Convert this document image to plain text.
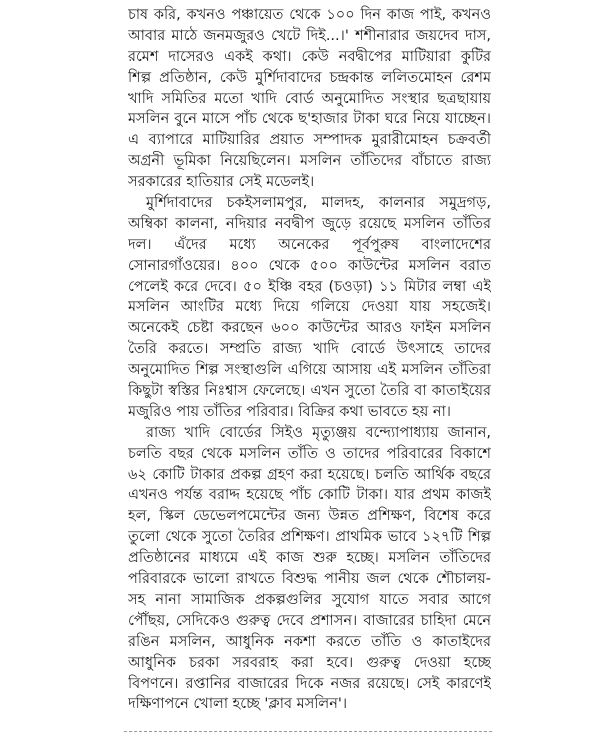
চাষ করি, কখনও পঞ্চায়েত থেকে ১০০ দিন কাজ পাই, কখনও
আবার মাঠে জনমজুরও খেটে দিই...।' শশীনারার জয়দেব দাস,
রমেশ দাসেরও একই কথা। কেউ নবদ্বীপের মাটিয়ারা কুটির
শিল্প প্রতিষ্ঠান, কেউ মুর্শিদাবাদের চন্দ্রকান্ত ললিতমোহন রেশম
খাদি সমিতির মতো খাদি বোর্ড অনুমোদিত সংস্থার ছত্রছায়ায়
মসলিন বুনে মাসে পাঁচ থেকে ছ'হাজার টাকা ঘরে নিয়ে যাচ্ছেন।
এ ব্যাপারে মাটিয়ারির প্রয়াত সম্পাদক মুরারীমোহন চক্রবর্তী
অগ্রনী ভূমিকা নিয়েছিলেন। মসলিন তাঁতিদের বাঁচাতে রাজ্য
সরকারের হাতিয়ার সেই মডেলই।
মুর্শিদাবাদের চকইসলামপুর, মালদহ, কালনার সমুদ্রগড়,
অম্বিকা কালনা, নদিয়ার নবদ্বীপ জুড়ে রয়েছে মসলিন তাঁতির
দল। এঁদের মধ্যে অনেকের পূর্বপুরুষ বাংলাদেশের
সোনারগাঁওয়ের। ৪০০ থেকে ৫০০ কাউন্টের মসলিন বরাত
পেলেই করে দেবে। ৫০ ইঞ্চি বহর (চওড়া) ১১ মিটার লম্বা এই
মসলিন আংটির মধ্যে দিয়ে গলিয়ে দেওয়া যায় সহজেই।
অনেকেই চেষ্টা করছেন ৬০০ কাউন্টের আরও ফাইন মসলিন
তৈরি করতে। সম্প্রতি রাজ্য খাদি বোর্ডে উৎসাহে তাদের
অনুমোদিত শিল্প সংস্থাগুলি এগিয়ে আসায় এই মসলিন তাঁতিরা
কিছুটা স্বস্তির নিঃশ্বাস ফেলেছে। এখন সুতো তৈরি বা কাতাইয়ের
মজুরিও পায় তাঁতির পরিবার। বিক্রির কথা ভাবতে হয় না।
রাজ্য খাদি বোর্ডের সিইও মৃত্যুঞ্জয় বন্দ্যোপাধ্যায় জানান,
চলতি বছর থেকে মসলিন তাঁতি ও তাদের পরিবারের বিকাশে
৬২ কোটি টাকার প্রকল্প গ্রহণ করা হয়েছে। চলতি আর্থিক বছরে
এখনও পর্যন্ত বরাদ্দ হয়েছে পাঁচ কোটি টাকা। যার প্রথম কাজই
হল, স্কিল ডেভেলপমেন্টের জন্য উন্নত প্রশিক্ষণ, বিশেষ করে
তুলো থেকে সুতো তৈরির প্রশিক্ষণ। প্রাথমিক ভাবে ১২৭টি শিল্প
প্রতিষ্ঠানের মাধ্যমে এই কাজ শুরু হচ্ছে। মসলিন তাঁতিদের
পরিবারকে ভালো রাখতে বিশুদ্ধ পানীয় জল থেকে শৌচালয়-
সহ নানা সামাজিক প্রকল্পগুলির সুযোগ যাতে সবার আগে
পৌঁছয়, সেদিকেও গুরুত্ব দেবে প্রশাসন। বাজারের চাহিদা মেনে
রঙিন মসলিন, আধুনিক নকশা করতে তাঁতি ও কাতাইদের
আধুনিক চরকা সরবরাহ করা হবে। গুরুত্ব দেওয়া হচ্ছে
বিপণনে। রপ্তানির বাজারের দিকে নজর রয়েছে। সেই কারণেই
দক্ষিণাপনে খোলা হচ্ছে 'ক্লাব মসলিন'।
